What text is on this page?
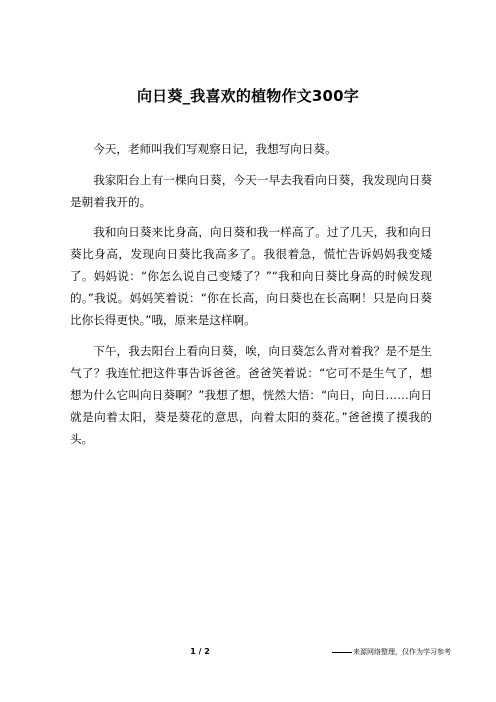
向日葵_我喜欢的植物作文300字

今天，老师叫我们写观察日记，我想写向日葵。

我家阳台上有一棵向日葵，今天一早去我看向日葵，我发现向日葵是朝着我开的。

我和向日葵来比身高，向日葵和我一样高了。过了几天，我和向日葵比身高，发现向日葵比我高多了。我很着急，慌忙告诉妈妈我变矮了。妈妈说：“你怎么说自己变矮了？”“我和向日葵比身高的时候发现的。”我说。妈妈笑着说：“你在长高，向日葵也在长高啊！只是向日葵比你长得更快。”哦，原来是这样啊。

下午，我去阳台上看向日葵，唉，向日葵怎么背对着我？是不是生气了？我连忙把这件事告诉爸爸。爸爸笑着说：“它可不是生气了，想想为什么它叫向日葵啊？”我想了想，恍然大悟：“向日，向日……向日就是向着太阳，葵是葵花的意思，向着太阳的葵花。”爸爸摸了摸我的头。

1 / 2	来源网络整理，仅作为学习参考
